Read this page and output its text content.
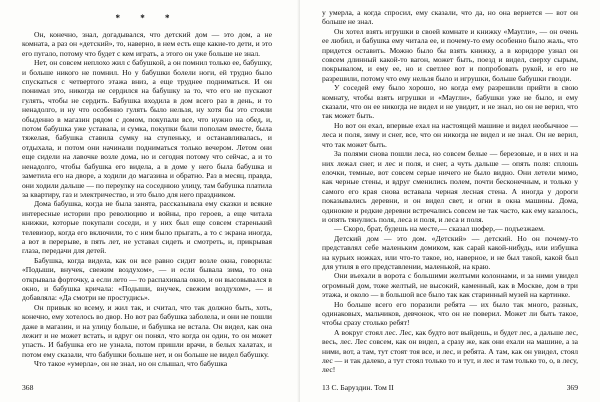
* * *

Он, конечно, знал, догадывался, что детский дом — это дом, а не комната, а раз он «детский», то, наверно, в нем есть еще какие-то дети, и это его пугало, потому что будет с кем играть, а этого он уже больше не знал.

Нет, он совсем неплохо жил с бабушкой, а он помнил только ее, бабушку, и больше никого не помнил. Но у бабушки болели ноги, ей трудно было спускаться с четвертого этажа вниз, а еще труднее подниматься. И он понимал это, никогда не сердился на бабушку за то, что его не пускают гулять, чтобы не сердить. Бабушка входила в дом всего раз в день, и то ненадолго, и ну что особенно гулять было нельзя, ну хотя бы это стояли обыденно в магазин рядом с домом, покупали все, что нужно на обед, и, потом бабушка уже уставала, и сумка, покупки были пополам вместе, была тяжелая, бабушка ставила сумку на ступеньку, и останавливалась, и отдыхала, и потом они начинали подниматься только вечером. Летом они еще сидели на лавочке возле дома, но и сегодня потому что сейчас, а и то ненадолго, чтобы бабушка его видела, а в доме у него была бабушка и заметила его на дворе, а ходили до магазина и обратно. Раз в месяц, правда, они ходили дальше — по переулку на соседнюю улицу, там бабушка платила за квартиру, газ и электричество, и это было для него праздником.

Дома бабушка, когда не была занята, рассказывала ему сказки и всякие интересные истории про революцию и войны, про героев, а еще читала книжки, которые покупали соседи, и у них был еще совсем старенький телевизор, когда его включили, то с ним было прыгать, а то с экрана иногда, а вот в перерыве, в пять лет, не уставал сидеть и смотреть, и, прикрывая глаза, передачи для детей.

Бабушка, когда видела, как он все равно сидит возле окна, говорила: «Подыши, внучек, свежим воздухом», — и если бывала зима, то она открывала форточку, а если лето — то распахивала окно, и он высовывался в окно, и бабушка кричала: «Подыши, внучек, свежим воздухом», — и добавляла: «Да смотри не простудись».

Он привык ко всему, и жил так, и считал, что так должно быть, хоть, конечно, ему хотелось во двор. Но вот раз бабушка заболела, и они не пошли даже в магазин, и на улицу больше, и бабушка не встала. Он видел, как она лежит и не может встать, и вдруг он понял, что когда он один, то он может упасть. И бабушка его не узнала, потом пришли врачи, в белых халатах, и потом ему сказали, что бабушки больше нет, и он больше не видел бабушку.

Что такое «умерла», он не знал, но он слышал, что бабушка

368

у умерла, а когда спросил, ему сказали, что да, но она вернется — вот он больше не знал.

Он хотел взять игрушки в своей комнате и книжку «Маугли», — он очень ее любил, и бабушка ему читала ее, и почему-то ему особенно было жаль, что придется оставить. Можно было бы взять книжку, а в коридоре узнал он совсем длинный какой-то вагон, может быть, поезд и видел, сверху сырым, покрывалом, и ему ее, но и светлее вот и попробовать рукой, и его не разрешили, потому что ему нельзя было и игрушки, больше бабушки гвозди.

У соседей ему было хорошо, но когда ему разрешили прийти в свою комнату, чтобы взять игрушки и «Маугли», бабушки уже не было, и ему сказали, что он ее никогда не видел и не увидит, и не знал, но он не верил, что так может быть.

Но вот он ехал, впервые ехал на настоящей машине и видел необычное — леса и поля, зиму и снег, все, что он никогда не видел и не знал. Он не верил, что так может быть.

За полями снова пошли леса, но совсем белые — березовые, и в них и на них лежал снег, и лес и поля, и снег, а чуть дальше — опять поля: сплошь елочки, темные, вот совсем серые ничего не было видно. Они летели мимо, как черные стены, и вдруг сменились полем, почти бесконечным, и только у самого его края снова вставала черная лесная стена. А иногда у дороги показывались деревни, и он видел свет, и огни в окна машины. Дома, одинокие и редкие деревни встречались совсем не так часто, как ему казалось, и опять тянулись поля, леса и поля, и леса и поля.

— Скоро, брат, будешь на месте,— сказал шофер,— подъезжаем.

Детский дом — это дом. «Детский» — детский. Но он почему-то представлял себе маленьким домиком, как сарай какой-нибудь, или избушка на курьих ножках, или что-то такое, но, наверное, и не был такой, какой был для утиля в его представлении, маленькой, на краю.

Они въехали в ворота с большими желтыми колоннами, и за ними увидел огромный дом, тоже желтый, не высокий, каменный, как в Москве, дом в три этажа, и около — в большой все было так как старинный музей на картинке.

Но больше всего его поразили ребята — их было так много, разных, одинаковых, мальчиков, девчонок, что он не поверил. Может ли быть такое, чтобы сразу столько ребят!

А вокруг стоял лес. Лес, как будто вот выйдешь, и будет лес, а дальше лес, весь, лес. Лес совсем, как он видел, а сразу же, как они ехали на машине, а за ними, вот, а там, тут стоят тоя все, и лес, и ребята. А там, как он увидел, стоял лес — и так далеко, а тут стоял только то и тут, и лес и там только то, о, в лесу, лес!

13 С. Баруздин. Том II	369
